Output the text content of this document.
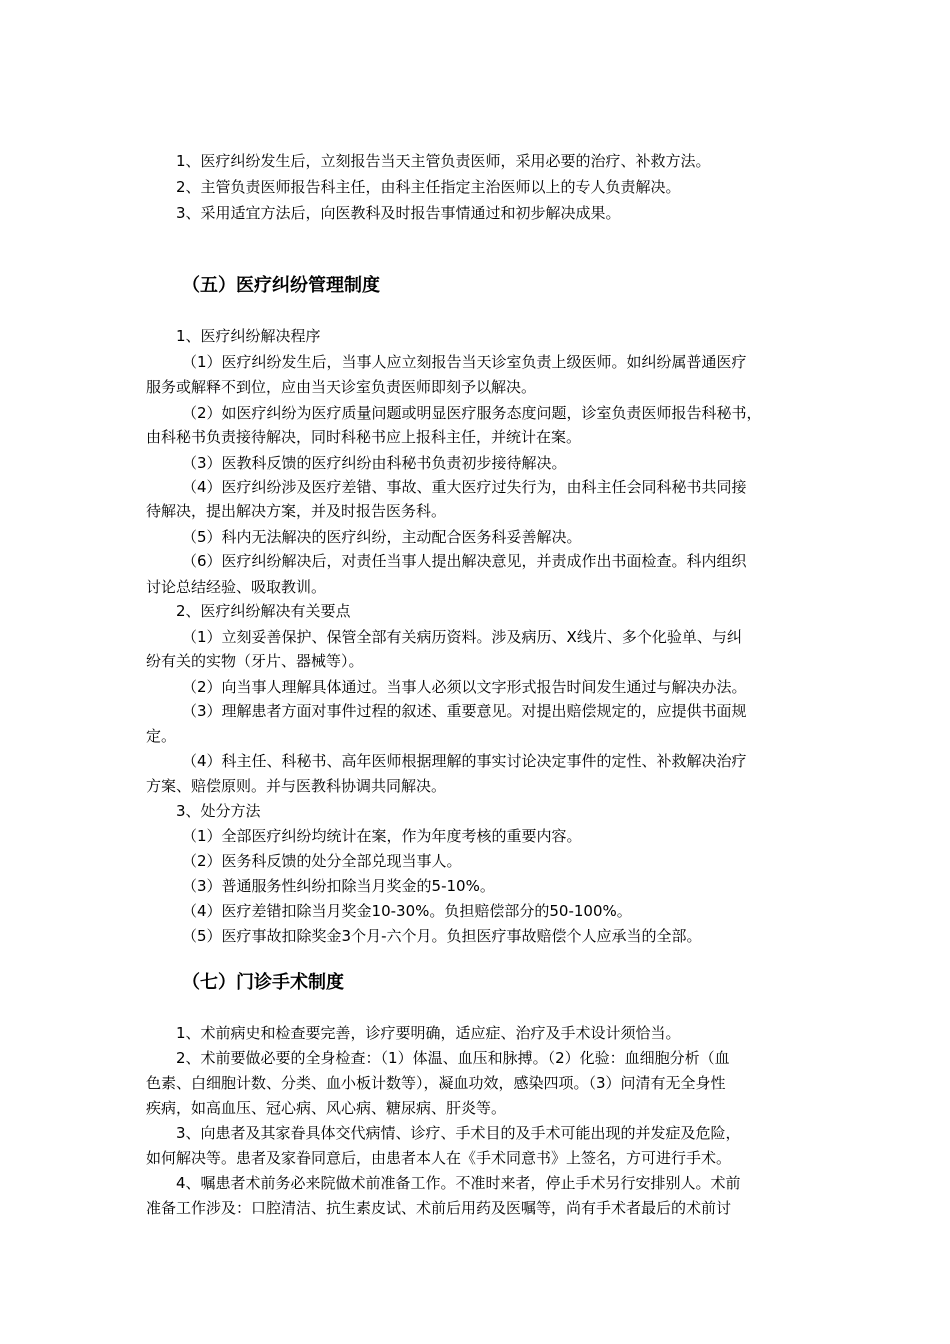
1、医疗纠纷发生后，立刻报告当天主管负责医师，采用必要的治疗、补救方法。
2、主管负责医师报告科主任，由科主任指定主治医师以上的专人负责解决。
3、采用适宜方法后，向医教科及时报告事情通过和初步解决成果。
（五）医疗纠纷管理制度
1、医疗纠纷解决程序
（1）医疗纠纷发生后，当事人应立刻报告当天诊室负责上级医师。如纠纷属普通医疗
服务或解释不到位，应由当天诊室负责医师即刻予以解决。
（2）如医疗纠纷为医疗质量问题或明显医疗服务态度问题，诊室负责医师报告科秘书，
由科秘书负责接待解决，同时科秘书应上报科主任，并统计在案。
（3）医教科反馈的医疗纠纷由科秘书负责初步接待解决。
（4）医疗纠纷涉及医疗差错、事故、重大医疗过失行为，由科主任会同科秘书共同接
待解决，提出解决方案，并及时报告医务科。
（5）科内无法解决的医疗纠纷，主动配合医务科妥善解决。
（6）医疗纠纷解决后，对责任当事人提出解决意见，并责成作出书面检查。科内组织
讨论总结经验、吸取教训。
2、医疗纠纷解决有关要点
（1）立刻妥善保护、保管全部有关病历资料。涉及病历、X线片、多个化验单、与纠
纷有关的实物（牙片、器械等）。
（2）向当事人理解具体通过。当事人必须以文字形式报告时间发生通过与解决办法。
（3）理解患者方面对事件过程的叙述、重要意见。对提出赔偿规定的，应提供书面规
定。
（4）科主任、科秘书、高年医师根据理解的事实讨论决定事件的定性、补救解决治疗
方案、赔偿原则。并与医教科协调共同解决。
3、处分方法
（1）全部医疗纠纷均统计在案，作为年度考核的重要内容。
（2）医务科反馈的处分全部兑现当事人。
（3）普通服务性纠纷扣除当月奖金的5-10%。
（4）医疗差错扣除当月奖金10-30%。负担赔偿部分的50-100%。
（5）医疗事故扣除奖金3个月-六个月。负担医疗事故赔偿个人应承当的全部。
（七）门诊手术制度
1、术前病史和检查要完善，诊疗要明确，适应症、治疗及手术设计须恰当。
2、术前要做必要的全身检查：（1）体温、血压和脉搏。（2）化验：血细胞分析（血
色素、白细胞计数、分类、血小板计数等），凝血功效，感染四项。（3）问清有无全身性
疾病，如高血压、冠心病、风心病、糖尿病、肝炎等。
3、向患者及其家眷具体交代病情、诊疗、手术目的及手术可能出现的并发症及危险，
如何解决等。患者及家眷同意后，由患者本人在《手术同意书》上签名，方可进行手术。
4、嘱患者术前务必来院做术前准备工作。不准时来者，停止手术另行安排别人。术前
准备工作涉及：口腔清洁、抗生素皮试、术前后用药及医嘱等，尚有手术者最后的术前讨
